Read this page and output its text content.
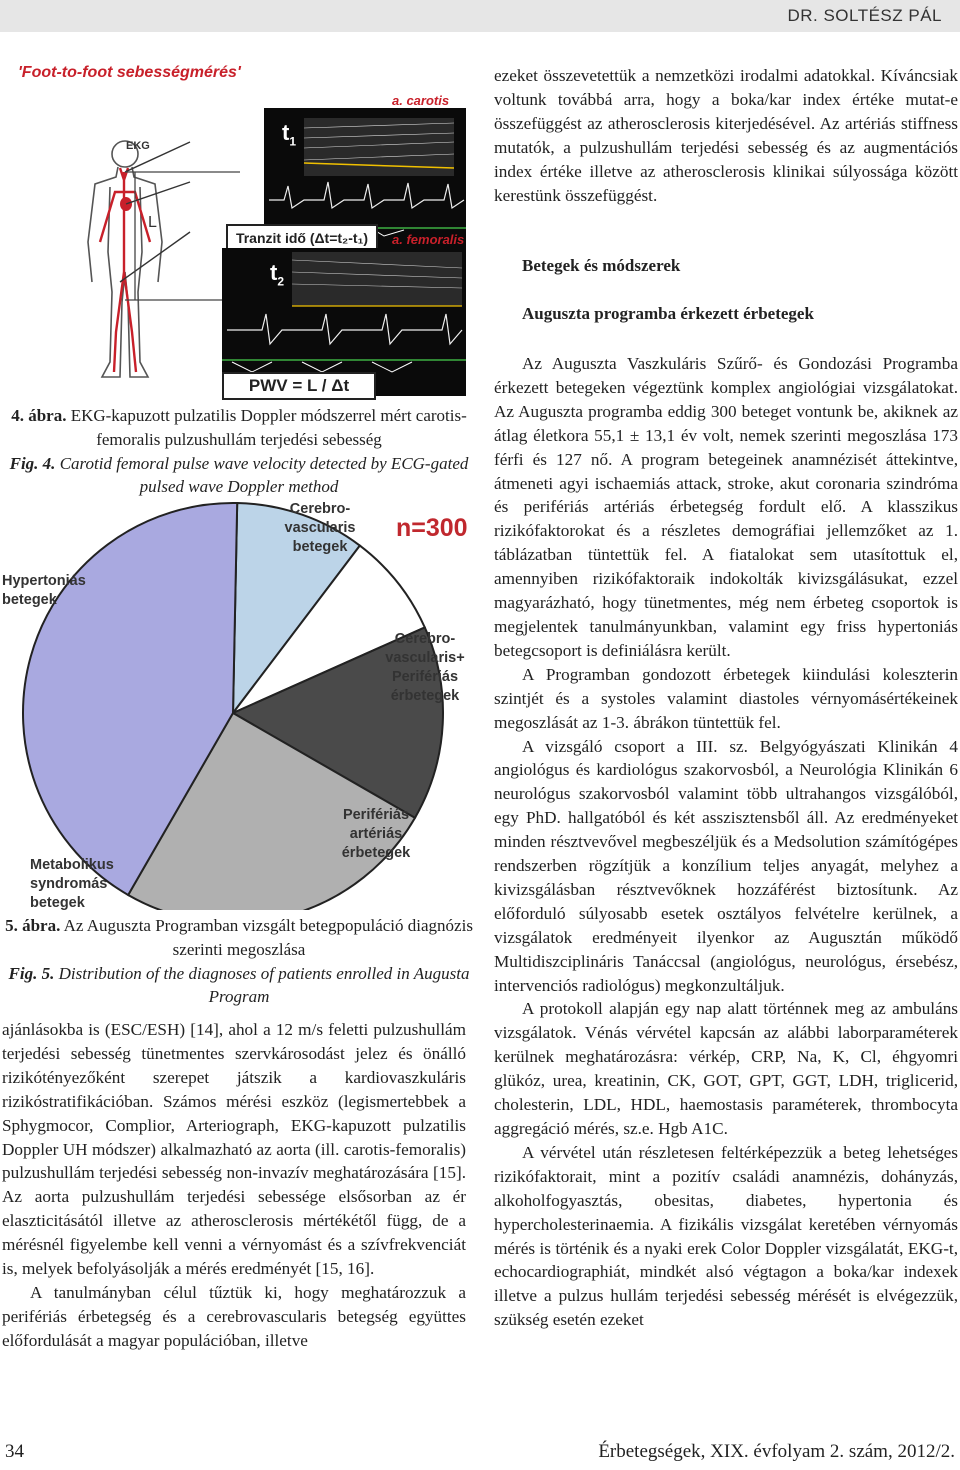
DR. SOLTÉSZ PÁL
'Foot-to-foot sebességmérés'
EKG
L
a. carotis
$t_1$
Tranzit idő (Δt=t₂-t₁)	a. femoralis
$t_2$
PWV = L / Δt
4. ábra. EKG-kapuzott pulzatilis Doppler módszerrel mért carotis-femoralis pulzushullám terjedési sebesség
Fig. 4. Carotid femoral pulse wave velocity detected by ECG-gated pulsed wave Doppler method
n=300
Cerebro-
vascularis
betegek
Cerebro-
vascularis+
Perifériás
érbetegek
Perifériás
artériás
érbetegek
Metabolikus
syndromás
betegek
Hypertoniás
betegek
5. ábra. Az Auguszta Programban vizsgált betegpopuláció diagnózis szerinti megoszlása
Fig. 5. Distribution of the diagnoses of patients enrolled in Augusta Program

ajánlásokba is (ESC/ESH) [14], ahol a 12 m/s feletti pulzushullám terjedési sebesség tünetmentes szervkárosodást jelez és önálló rizikótényezőként szerepet játszik a kardiovaszkuláris rizikóstratifikációban. Számos mérési eszköz (legismertebbek a Sphygmocor, Complior, Arteriograph, EKG-kapuzott pulzatilis Doppler UH módszer) alkalmazható az aorta (ill. carotis-femoralis) pulzushullám terjedési sebesség non-invazív meghatározására [15]. Az aorta pulzushullám terjedési sebessége elsősorban az ér elaszticitásától illetve az atherosclerosis mértékétől függ, de a mérésnél figyelembe kell venni a vérnyomást és a szívfrekvenciát is, melyek befolyásolják a mérés eredményét [15, 16].

A tanulmányban célul tűztük ki, hogy meghatározzuk a perifériás érbetegség és a cerebrovascularis betegség együttes előfordulását a magyar populációban, illetve

ezeket összevetettük a nemzetközi irodalmi adatokkal. Kíváncsiak voltunk továbbá arra, hogy a boka/kar index értéke mutat-e összefüggést az atherosclerosis kiterjedésével. Az artériás stiffness mutatók, a pulzushullám terjedési sebesség és az augmentációs index értéke illetve az atherosclerosis klinikai súlyossága között kerestünk összefüggést.

Betegek és módszerek
Auguszta programba érkezett érbetegek

Az Auguszta Vaszkuláris Szűrő- és Gondozási Programba érkezett betegeken végeztünk komplex angiológiai vizsgálatokat. Az Auguszta programba eddig 300 beteget vontunk be, akiknek az átlag életkora 55,1 ± 13,1 év volt, nemek szerinti megoszlása 173 férfi és 127 nő. A program betegeinek anamnézisét áttekintve, átmeneti agyi ischaemiás attack, stroke, akut coronaria szindróma és perifériás artériás érbetegség fordult elő. A klasszikus rizikófaktorokat és a részletes demográfiai jellemzőket az 1. táblázatban tüntettük fel. A fiatalokat sem utasítottuk el, amennyiben rizikófaktoraik indokolták kivizsgálásukat, ezzel magyarázható, hogy tünetmentes, még nem érbeteg csoportok is megjelentek tanulmányunkban, valamint egy friss hypertoniás betegcsoport is definiálásra került.

A Programban gondozott érbetegek kiindulási koleszterin szintjét és a systoles valamint diastoles vérnyomásértékeinek megoszlását az 1-3. ábrákon tüntettük fel.

A vizsgáló csoport a III. sz. Belgyógyászati Klinikán 4 angiológus és kardiológus szakorvosból, a Neurológia Klinikán 6 neurológus szakorvosból valamint több ultrahangos vizsgálóból, egy PhD. hallgatóból és két asszisztensből áll. Az eredményeket minden résztvevővel megbeszéljük és a Medsolution számítógépes rendszerben rögzítjük a konzílium teljes anyagát, melyhez a kivizsgálásban résztvevőknek hozzáférést biztosítunk. Az előforduló súlyosabb esetek osztályos felvételre kerülnek, a vizsgálatok eredményeit ilyenkor az Augusztán működő Multidiszciplináris Tanáccsal (angiológus, neurológus, érsebész, intervenciós radiológus) megkonzultáljuk.

A protokoll alapján egy nap alatt történnek meg az ambuláns vizsgálatok. Vénás vérvétel kapcsán az alábbi laborparaméterek kerülnek meghatározásra: vérkép, CRP, Na, K, Cl, éhgyomri glükóz, urea, kreatinin, CK, GOT, GPT, GGT, LDH, triglicerid, cholesterin, LDL, HDL, haemostasis paraméterek, thrombocyta aggregáció mérés, sz.e. Hgb A1C.

A vérvétel után részletesen feltérképezzük a beteg lehetséges rizikófaktorait, mint a pozitív családi anamnézis, dohányzás, alkoholfogyasztás, obesitas, diabetes, hypertonia és hypercholesterinaemia. A fizikális vizsgálat keretében vérnyomás mérés is történik és a nyaki erek Color Doppler vizsgálatát, EKG-t, echocardiographiát, mindkét alsó végtagon a boka/kar indexek illetve a pulzus hullám terjedési sebesség mérését is elvégezzük, szükség esetén ezeket

34	Érbetegségek, XIX. évfolyam 2. szám, 2012/2.
